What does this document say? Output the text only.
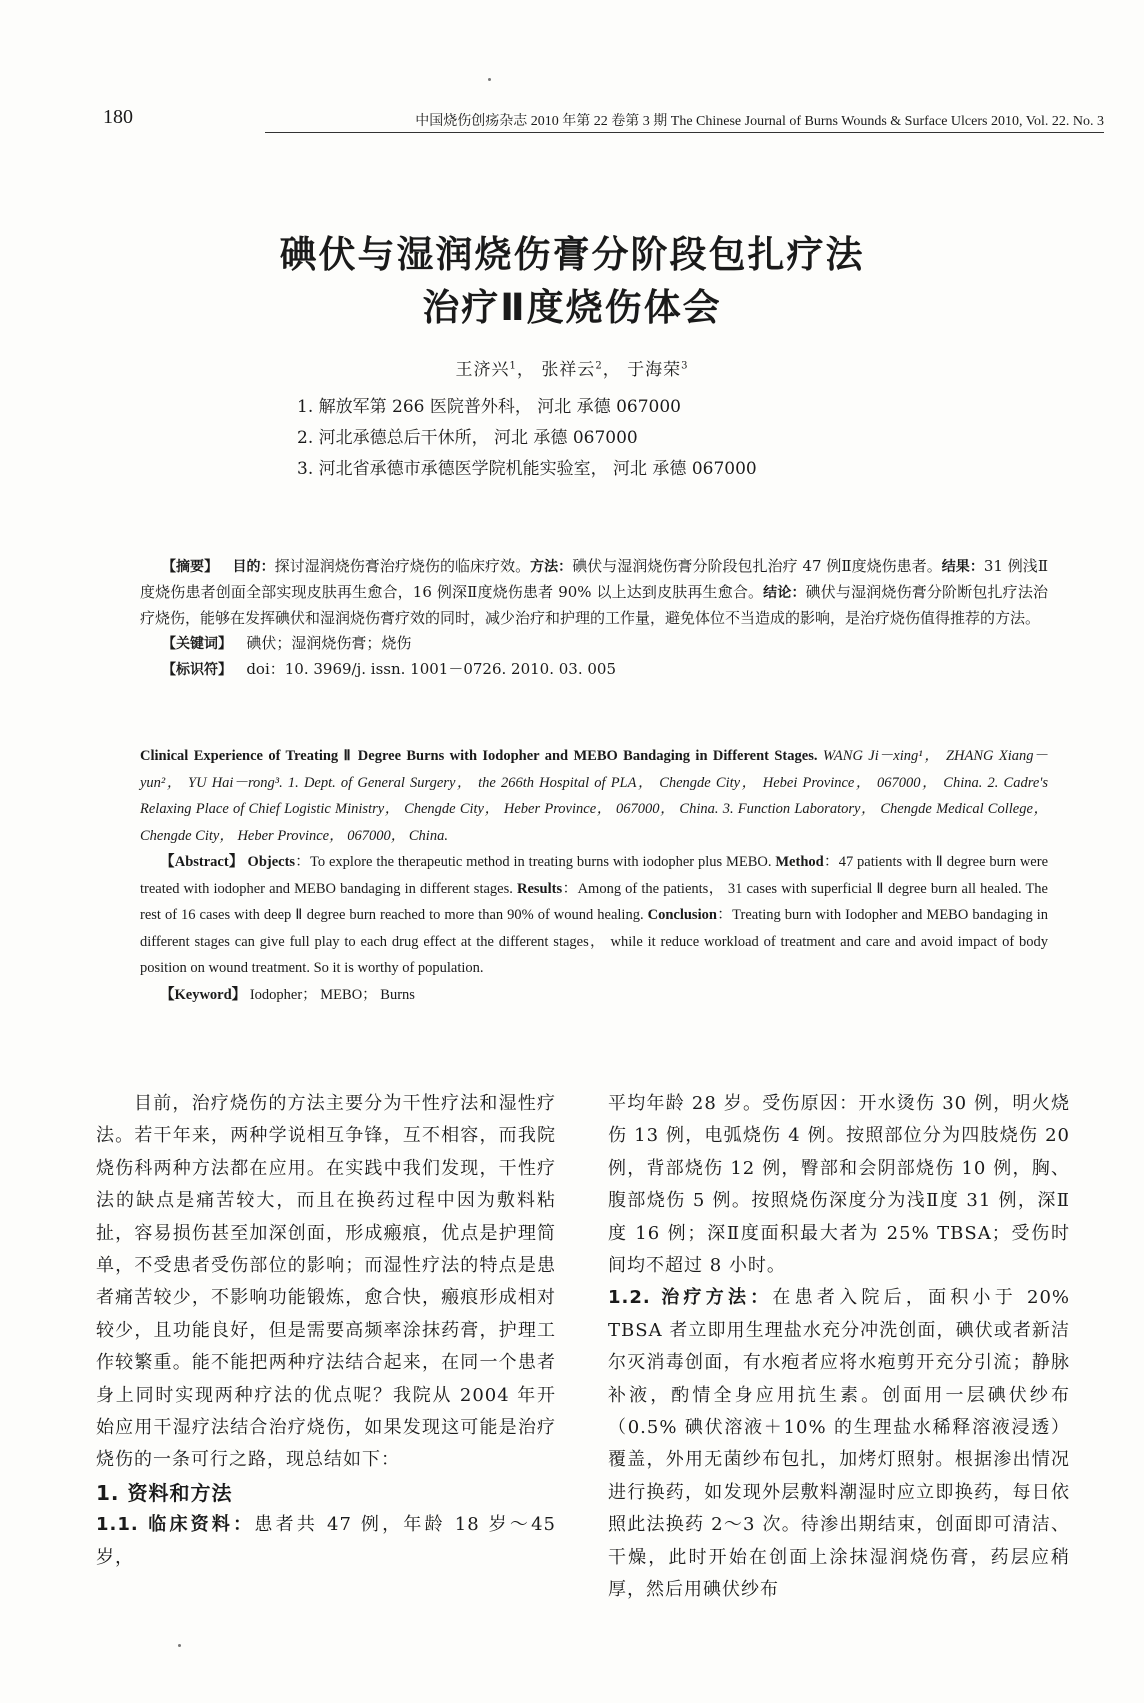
180	中国烧伤创疡杂志 2010 年第 22 卷第 3 期 The Chinese Journal of Burns Wounds & Surface Ulcers 2010, Vol. 22. No. 3
碘伏与湿润烧伤膏分阶段包扎疗法
治疗Ⅱ度烧伤体会
王济兴$^1$， 张祥云$^2$， 于海荣$^3$
1. 解放军第 266 医院普外科， 河北 承德 067000
2. 河北承德总后干休所， 河北 承德 067000
3. 河北省承德市承德医学院机能实验室， 河北 承德 067000

【摘要】 目的：探讨湿润烧伤膏治疗烧伤的临床疗效。方法：碘伏与湿润烧伤膏分阶段包扎治疗 47 例Ⅱ度烧伤患者。结果：31 例浅Ⅱ度烧伤患者创面全部实现皮肤再生愈合，16 例深Ⅱ度烧伤患者 90% 以上达到皮肤再生愈合。结论：碘伏与湿润烧伤膏分阶断包扎疗法治疗烧伤，能够在发挥碘伏和湿润烧伤膏疗效的同时，减少治疗和护理的工作量，避免体位不当造成的影响，是治疗烧伤值得推荐的方法。

【关键词】 碘伏；湿润烧伤膏；烧伤
【标识符】 doi：10. 3969/j. issn. 1001－0726. 2010. 03. 005

Clinical Experience of Treating Ⅱ Degree Burns with Iodopher and MEBO Bandaging in Different Stages. WANG Ji－xing¹， ZHANG Xiang－yun²， YU Hai－rong³. 1. Dept. of General Surgery， the 266th Hospital of PLA， Chengde City， Hebei Province， 067000， China. 2. Cadre's Relaxing Place of Chief Logistic Ministry， Chengde City， Heber Province， 067000， China. 3. Function Laboratory， Chengde Medical College， Chengde City， Heber Province， 067000， China.

【Abstract】 Objects：To explore the therapeutic method in treating burns with iodopher plus MEBO. Method：47 patients with Ⅱ degree burn were treated with iodopher and MEBO bandaging in different stages. Results：Among of the patients， 31 cases with superficial Ⅱ degree burn all healed. The rest of 16 cases with deep Ⅱ degree burn reached to more than 90% of wound healing. Conclusion：Treating burn with Iodopher and MEBO bandaging in different stages can give full play to each drug effect at the different stages， while it reduce workload of treatment and care and avoid impact of body position on wound treatment. So it is worthy of population.

【Keyword】 Iodopher； MEBO； Burns

目前，治疗烧伤的方法主要分为干性疗法和湿性疗法。若干年来，两种学说相互争锋，互不相容，而我院烧伤科两种方法都在应用。在实践中我们发现，干性疗法的缺点是痛苦较大，而且在换药过程中因为敷料粘扯，容易损伤甚至加深创面，形成瘢痕，优点是护理简单，不受患者受伤部位的影响；而湿性疗法的特点是患者痛苦较少，不影响功能锻炼，愈合快，瘢痕形成相对较少，且功能良好，但是需要高频率涂抹药膏，护理工作较繁重。能不能把两种疗法结合起来，在同一个患者身上同时实现两种疗法的优点呢？我院从 2004 年开始应用干湿疗法结合治疗烧伤，如果发现这可能是治疗烧伤的一条可行之路，现总结如下：

1. 资料和方法

1.1. 临床资料：患者共 47 例，年龄 18 岁～45 岁，

平均年龄 28 岁。受伤原因：开水烫伤 30 例，明火烧伤 13 例，电弧烧伤 4 例。按照部位分为四肢烧伤 20 例，背部烧伤 12 例，臀部和会阴部烧伤 10 例，胸、腹部烧伤 5 例。按照烧伤深度分为浅Ⅱ度 31 例，深Ⅱ度 16 例；深Ⅱ度面积最大者为 25% TBSA；受伤时间均不超过 8 小时。

1.2. 治疗方法：在患者入院后，面积小于 20% TBSA 者立即用生理盐水充分冲洗创面，碘伏或者新洁尔灭消毒创面，有水疱者应将水疱剪开充分引流；静脉补液，酌情全身应用抗生素。创面用一层碘伏纱布（0.5% 碘伏溶液＋10% 的生理盐水稀释溶液浸透）覆盖，外用无菌纱布包扎，加烤灯照射。根据渗出情况进行换药，如发现外层敷料潮湿时应立即换药，每日依照此法换药 2～3 次。待渗出期结束，创面即可清洁、干燥，此时开始在创面上涂抹湿润烧伤膏，药层应稍厚，然后用碘伏纱布
